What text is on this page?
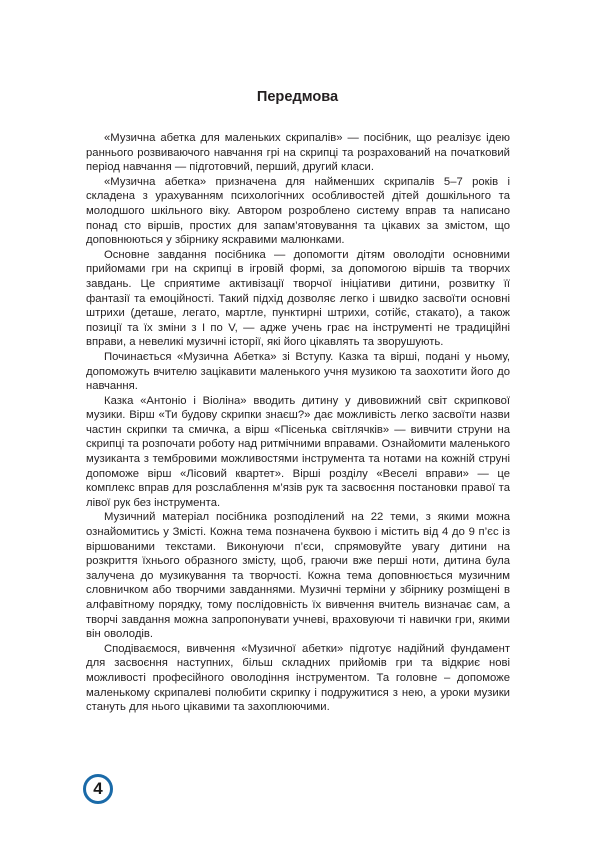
Передмова

«Музична абетка для маленьких скрипалів» — посібник, що реалізує ідею раннього розвиваючого навчання грі на скрипці та розрахований на початковий період навчання — підготовчий, перший, другий класи.

«Музична абетка» призначена для найменших скрипалів 5–7 років і складена з урахуванням психологічних особливостей дітей дошкільного та молодшого шкільного віку. Автором розроблено систему вправ та написано понад сто віршів, простих для запам’ятовування та цікавих за змістом, що доповнюються у збірнику яскравими малюнками.

Основне завдання посібника — допомогти дітям оволодіти основними прийомами гри на скрипці в ігровій формі, за допомогою віршів та творчих завдань. Це сприятиме активізації творчої ініціативи дитини, розвитку її фантазії та емоційності. Такий підхід дозволяє легко і швидко засвоїти основні штрихи (деташе, легато, мартле, пунктирні штрихи, сотійє, стакато), а також позиції та їх зміни з I по V, — адже учень грає на інструменті не традиційні вправи, а невеликі музичні історії, які його цікавлять та зворушують.

Починається «Музична Абетка» зі Вступу. Казка та вірші, подані у ньому, допоможуть вчителю зацікавити маленького учня музикою та заохотити його до навчання.

Казка «Антоніо і Віоліна» вводить дитину у дивовижний світ скрипкової музики. Вірш «Ти будову скрипки знаєш?» дає можливість легко засвоїти назви частин скрипки та смичка, а вірш «Пісенька світлячків» — вивчити струни на скрипці та розпочати роботу над ритмічними вправами. Ознайомити маленького музиканта з тембровими можливостями інструмента та нотами на кожній струні допоможе вірш «Лісовий квартет». Вірші розділу «Веселі вправи» — це комплекс вправ для розслаблення м’язів рук та засвоєння постановки правої та лівої рук без інструмента.

Музичний матеріал посібника розподілений на 22 теми, з якими можна ознайомитись у Змісті. Кожна тема позначена буквою і містить від 4 до 9 п’єс із віршованими текстами. Виконуючи п’єси, спрямовуйте увагу дитини на розкриття їхнього образного змісту, щоб, граючи вже перші ноти, дитина була залучена до музикування та творчості. Кожна тема доповнюється музичним словничком або творчими завданнями. Музичні терміни у збірнику розміщені в алфавітному порядку, тому послідовність їх вивчення вчитель визначає сам, а творчі завдання можна запропонувати учневі, враховуючи ті навички гри, якими він оволодів.

Сподіваємося, вивчення «Музичної абетки» підготує надійний фундамент для засвоєння наступних, більш складних прийомів гри та відкриє нові можливості професійного оволодіння інструментом. Та головне – допоможе маленькому скрипалеві полюбити скрипку і подружитися з нею, а уроки музики стануть для нього цікавими та захоплюючими.

4
